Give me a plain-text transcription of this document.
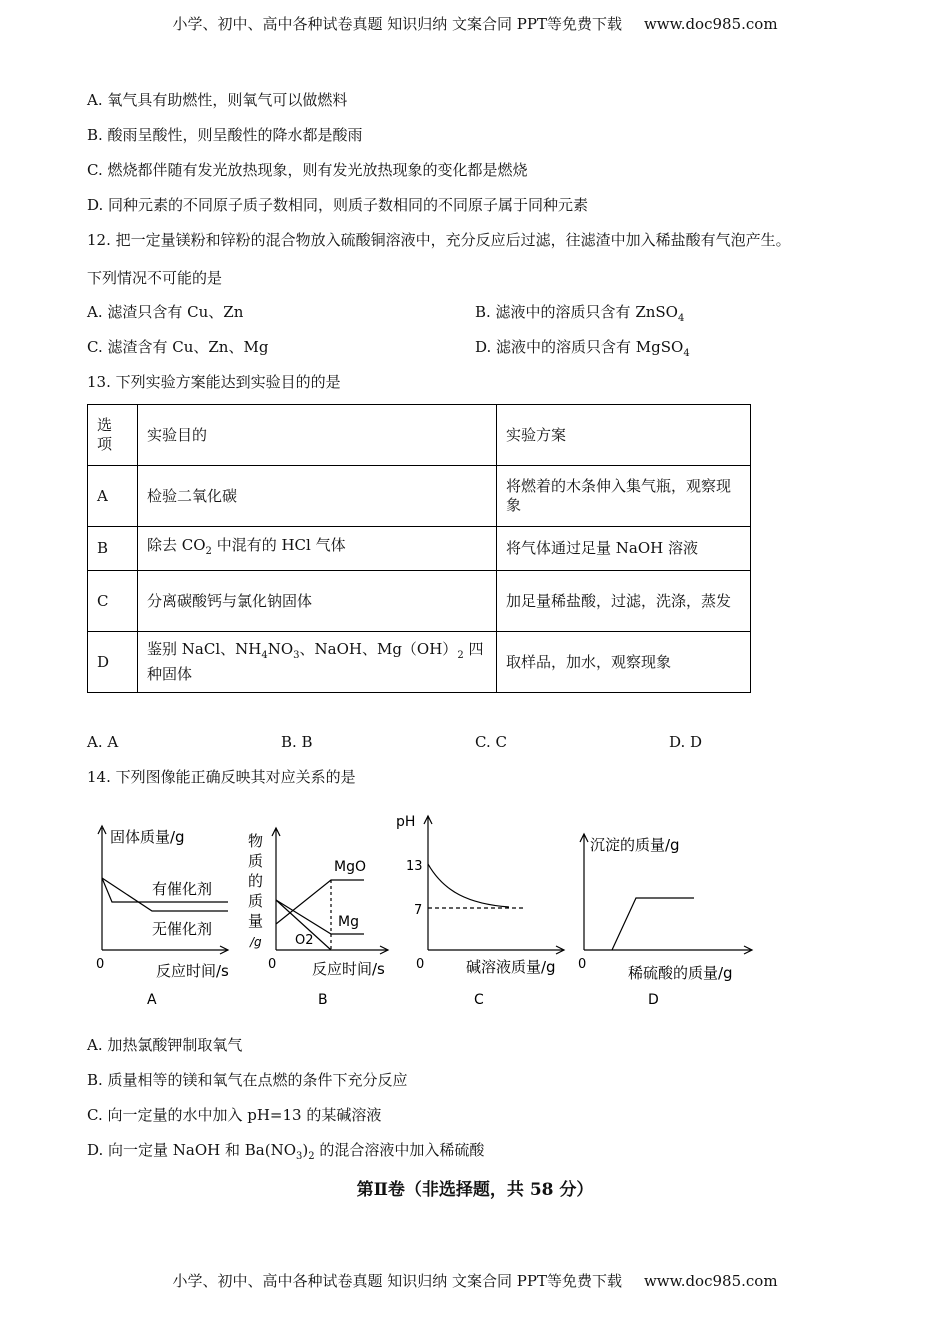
小学、初中、高中各种试卷真题 知识归纳 文案合同 PPT等免费下载 www.doc985.com
A. 氧气具有助燃性，则氧气可以做燃料
B. 酸雨呈酸性，则呈酸性的降水都是酸雨
C. 燃烧都伴随有发光放热现象，则有发光放热现象的变化都是燃烧
D. 同种元素的不同原子质子数相同，则质子数相同的不同原子属于同种元素
12. 把一定量镁粉和锌粉的混合物放入硫酸铜溶液中，充分反应后过滤，往滤渣中加入稀盐酸有气泡产生。
下列情况不可能的是
A. 滤渣只含有 Cu、Zn	B. 滤液中的溶质只含有 ZnSO$_4$
C. 滤渣含有 Cu、Zn、Mg	D. 滤液中的溶质只含有 MgSO$_4$
13. 下列实验方案能达到实验目的的是
选项	实验目的	实验方案
A	检验二氧化碳	将燃着的木条伸入集气瓶，观察现象
B	除去 $CO_2$ 中混有的 HCl 气体	将气体通过足量 NaOH 溶液
C	分离碳酸钙与氯化钠固体	加足量稀盐酸，过滤，洗涤，蒸发
D	鉴别 NaCl、$NH_4NO_3$、NaOH、$Mg(OH)_2$ 四种固体	取样品，加水，观察现象
A. A	B. B	C. C	D. D
14. 下列图像能正确反映其对应关系的是
固体质量/g
有催化剂
无催化剂
0	反应时间/s
A
物
质
的
质
量
/g
MgO
Mg
O2
0 反应时间/s
B
pH
13
7
0	碱溶液质量/g
C
沉淀的质量/g
0	稀硫酸的质量/g
D
A. 加热氯酸钾制取氧气
B. 质量相等的镁和氧气在点燃的条件下充分反应
C. 向一定量的水中加入 pH=13 的某碱溶液
D. 向一定量 NaOH 和 $Ba(NO_3)_2$ 的混合溶液中加入稀硫酸
第Ⅱ卷（非选择题，共 58 分）
小学、初中、高中各种试卷真题 知识归纳 文案合同 PPT等免费下载 www.doc985.com
